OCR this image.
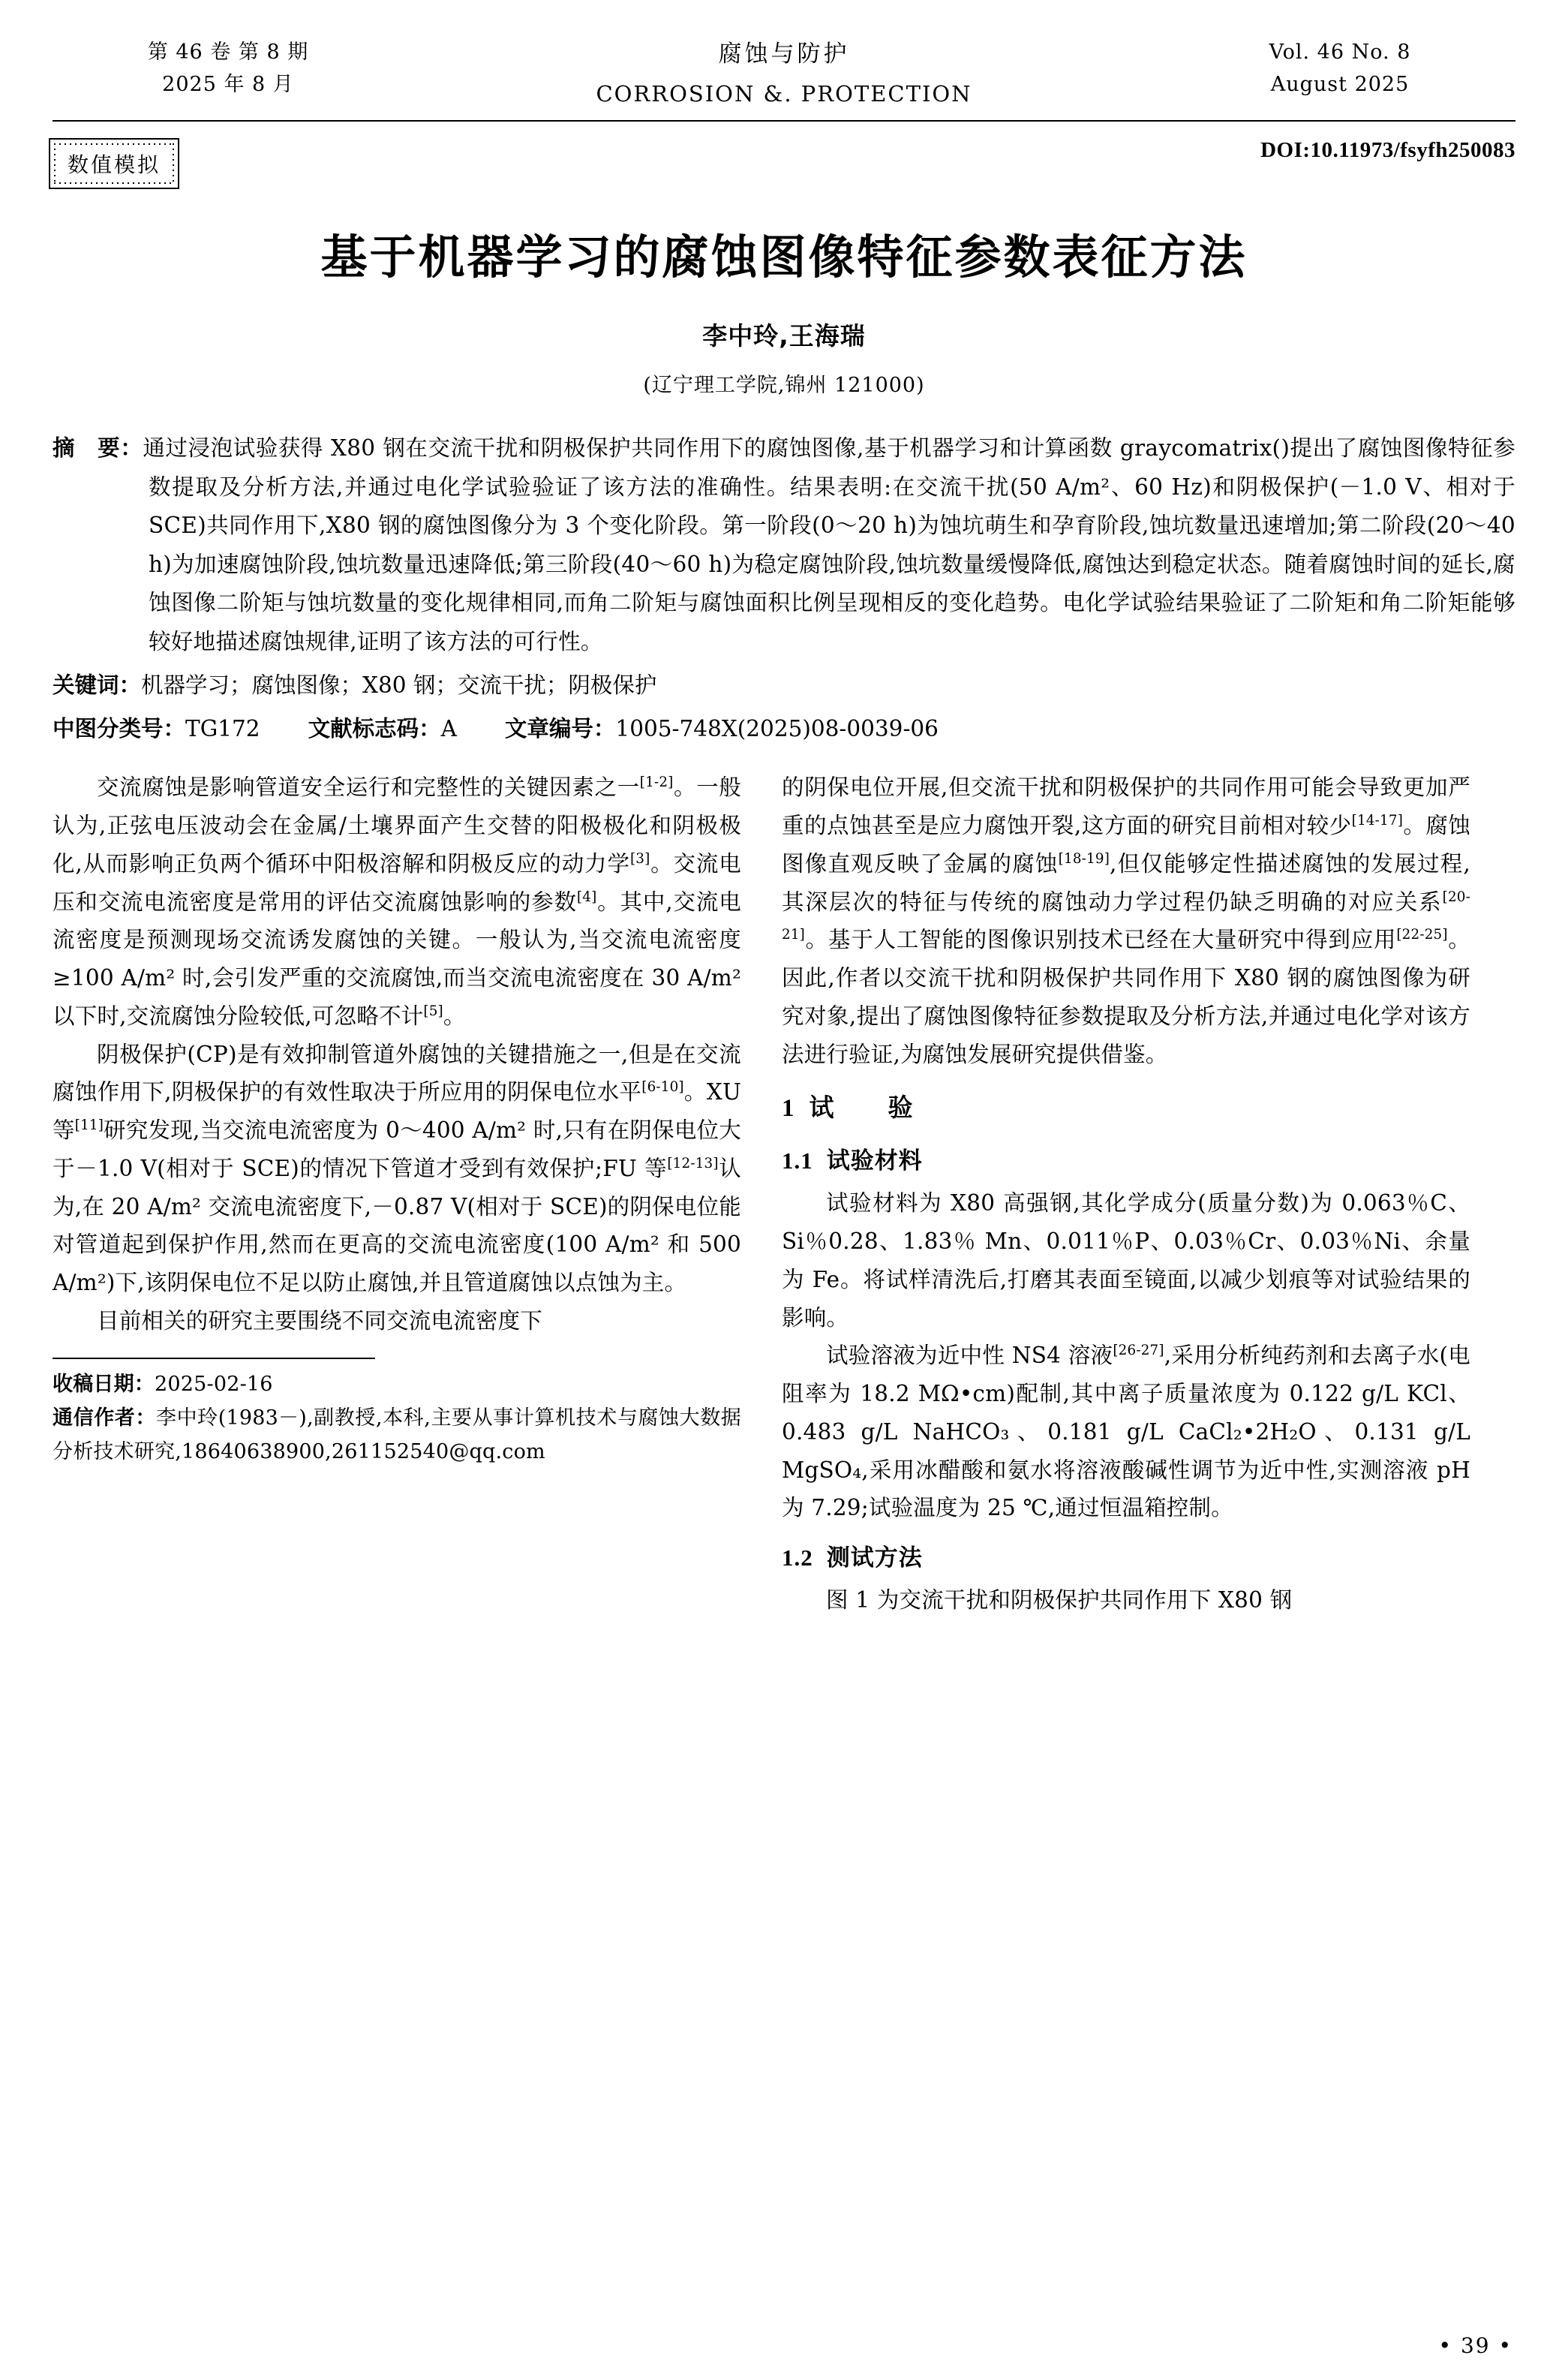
第 46 卷 第 8 期
2025 年 8 月
腐蚀与防护
CORROSION &. PROTECTION
Vol. 46 No. 8
August 2025
DOI:10.11973/fsyfh250083
数值模拟
基于机器学习的腐蚀图像特征参数表征方法
李中玲,王海瑞
(辽宁理工学院,锦州 121000)
摘　要：通过浸泡试验获得 X80 钢在交流干扰和阴极保护共同作用下的腐蚀图像,基于机器学习和计算函数 graycomatrix()提出了腐蚀图像特征参数提取及分析方法,并通过电化学试验验证了该方法的准确性。结果表明:在交流干扰(50 A/m²、60 Hz)和阴极保护(－1.0 V、相对于 SCE)共同作用下,X80 钢的腐蚀图像分为 3 个变化阶段。第一阶段(0～20 h)为蚀坑萌生和孕育阶段,蚀坑数量迅速增加;第二阶段(20～40 h)为加速腐蚀阶段,蚀坑数量迅速降低;第三阶段(40～60 h)为稳定腐蚀阶段,蚀坑数量缓慢降低,腐蚀达到稳定状态。随着腐蚀时间的延长,腐蚀图像二阶矩与蚀坑数量的变化规律相同,而角二阶矩与腐蚀面积比例呈现相反的变化趋势。电化学试验结果验证了二阶矩和角二阶矩能够较好地描述腐蚀规律,证明了该方法的可行性。
关键词：机器学习；腐蚀图像；X80 钢；交流干扰；阴极保护
中图分类号：TG172 文献标志码：A 文章编号：1005-748X(2025)08-0039-06

交流腐蚀是影响管道安全运行和完整性的关键因素之一[1-2]。一般认为,正弦电压波动会在金属/土壤界面产生交替的阳极极化和阴极极化,从而影响正负两个循环中阳极溶解和阴极反应的动力学[3]。交流电压和交流电流密度是常用的评估交流腐蚀影响的参数[4]。其中,交流电流密度是预测现场交流诱发腐蚀的关键。一般认为,当交流电流密度≥100 A/m² 时,会引发严重的交流腐蚀,而当交流电流密度在 30 A/m² 以下时,交流腐蚀分险较低,可忽略不计[5]。

阴极保护(CP)是有效抑制管道外腐蚀的关键措施之一,但是在交流腐蚀作用下,阴极保护的有效性取决于所应用的阴保电位水平[6-10]。XU 等[11]研究发现,当交流电流密度为 0～400 A/m² 时,只有在阴保电位大于－1.0 V(相对于 SCE)的情况下管道才受到有效保护;FU 等[12-13]认为,在 20 A/m² 交流电流密度下,－0.87 V(相对于 SCE)的阴保电位能对管道起到保护作用,然而在更高的交流电流密度(100 A/m² 和 500 A/m²)下,该阴保电位不足以防止腐蚀,并且管道腐蚀以点蚀为主。

目前相关的研究主要围绕不同交流电流密度下

收稿日期：2025-02-16
通信作者：李中玲(1983－),副教授,本科,主要从事计算机技术与腐蚀大数据分析技术研究,18640638900,261152540@qq.com

的阴保电位开展,但交流干扰和阴极保护的共同作用可能会导致更加严重的点蚀甚至是应力腐蚀开裂,这方面的研究目前相对较少[14-17]。腐蚀图像直观反映了金属的腐蚀[18-19],但仅能够定性描述腐蚀的发展过程,其深层次的特征与传统的腐蚀动力学过程仍缺乏明确的对应关系[20-21]。基于人工智能的图像识别技术已经在大量研究中得到应用[22-25]。因此,作者以交流干扰和阴极保护共同作用下 X80 钢的腐蚀图像为研究对象,提出了腐蚀图像特征参数提取及分析方法,并通过电化学对该方法进行验证,为腐蚀发展研究提供借鉴。

1 试　　验
1.1 试验材料

试验材料为 X80 高强钢,其化学成分(质量分数)为 0.063％C、Si％0.28、1.83％ Mn、0.011％P、0.03％Cr、0.03％Ni、余量为 Fe。将试样清洗后,打磨其表面至镜面,以减少划痕等对试验结果的影响。

试验溶液为近中性 NS4 溶液[26-27],采用分析纯药剂和去离子水(电阻率为 18.2 MΩ•cm)配制,其中离子质量浓度为 0.122 g/L KCl、0.483 g/L NaHCO₃、0.181 g/L CaCl₂•2H₂O、0.131 g/L MgSO₄,采用冰醋酸和氨水将溶液酸碱性调节为近中性,实测溶液 pH 为 7.29;试验温度为 25 ℃,通过恒温箱控制。

1.2 测试方法

图 1 为交流干扰和阴极保护共同作用下 X80 钢

• 39 •
